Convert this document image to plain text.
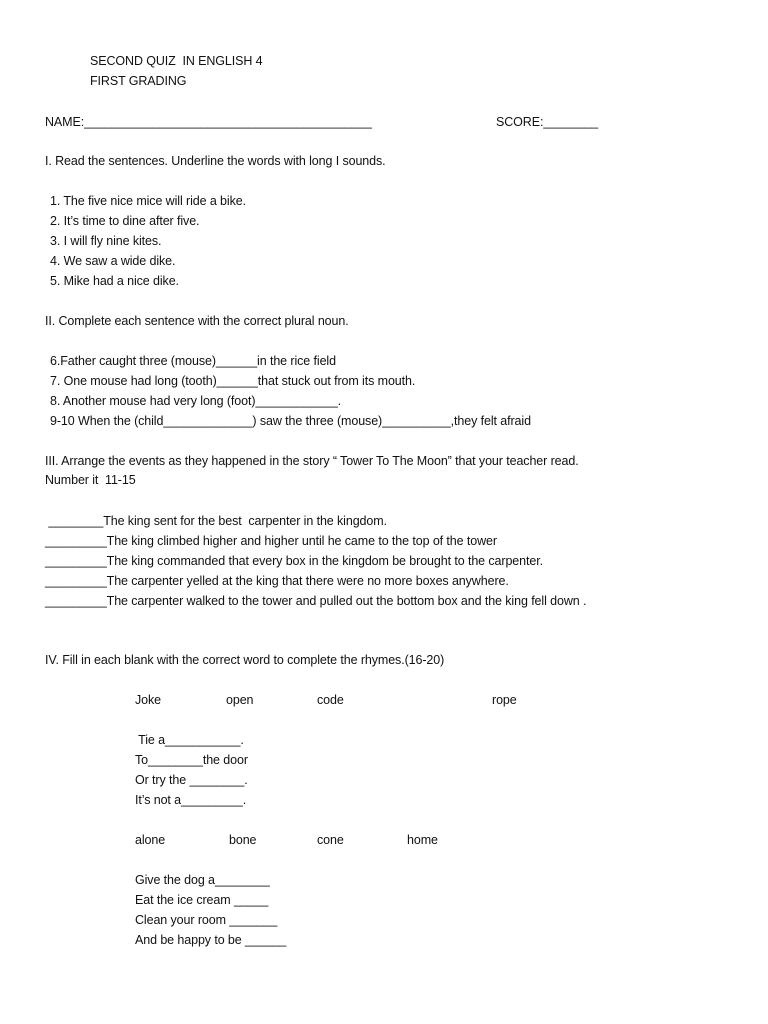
SECOND QUIZ  IN ENGLISH 4
FIRST GRADING
NAME:__________________________________________	SCORE:________
I. Read the sentences. Underline the words with long I sounds.
1. The five nice mice will ride a bike.
2. It’s time to dine after five.
3. I will fly nine kites.
4. We saw a wide dike.
5. Mike had a nice dike.
II. Complete each sentence with the correct plural noun.
6.Father caught three (mouse)______in the rice field
7. One mouse had long (tooth)______that stuck out from its mouth.
8. Another mouse had very long (foot)____________.
9-10 When the (child_____________) saw the three (mouse)__________,they felt afraid
III. Arrange the events as they happened in the story “ Tower To The Moon” that your teacher read.
Number it  11-15
________The king sent for the best  carpenter in the kingdom.
_________The king climbed higher and higher until he came to the top of the tower
_________The king commanded that every box in the kingdom be brought to the carpenter.
_________The carpenter yelled at the king that there were no more boxes anywhere.
_________The carpenter walked to the tower and pulled out the bottom box and the king fell down .
IV. Fill in each blank with the correct word to complete the rhymes.(16-20)
Joke	open	code	rope
Tie a___________.
To________the door
Or try the ________.
It’s not a_________.
alone	bone	cone	home
Give the dog a________
Eat the ice cream _____
Clean your room _______
And be happy to be ______
